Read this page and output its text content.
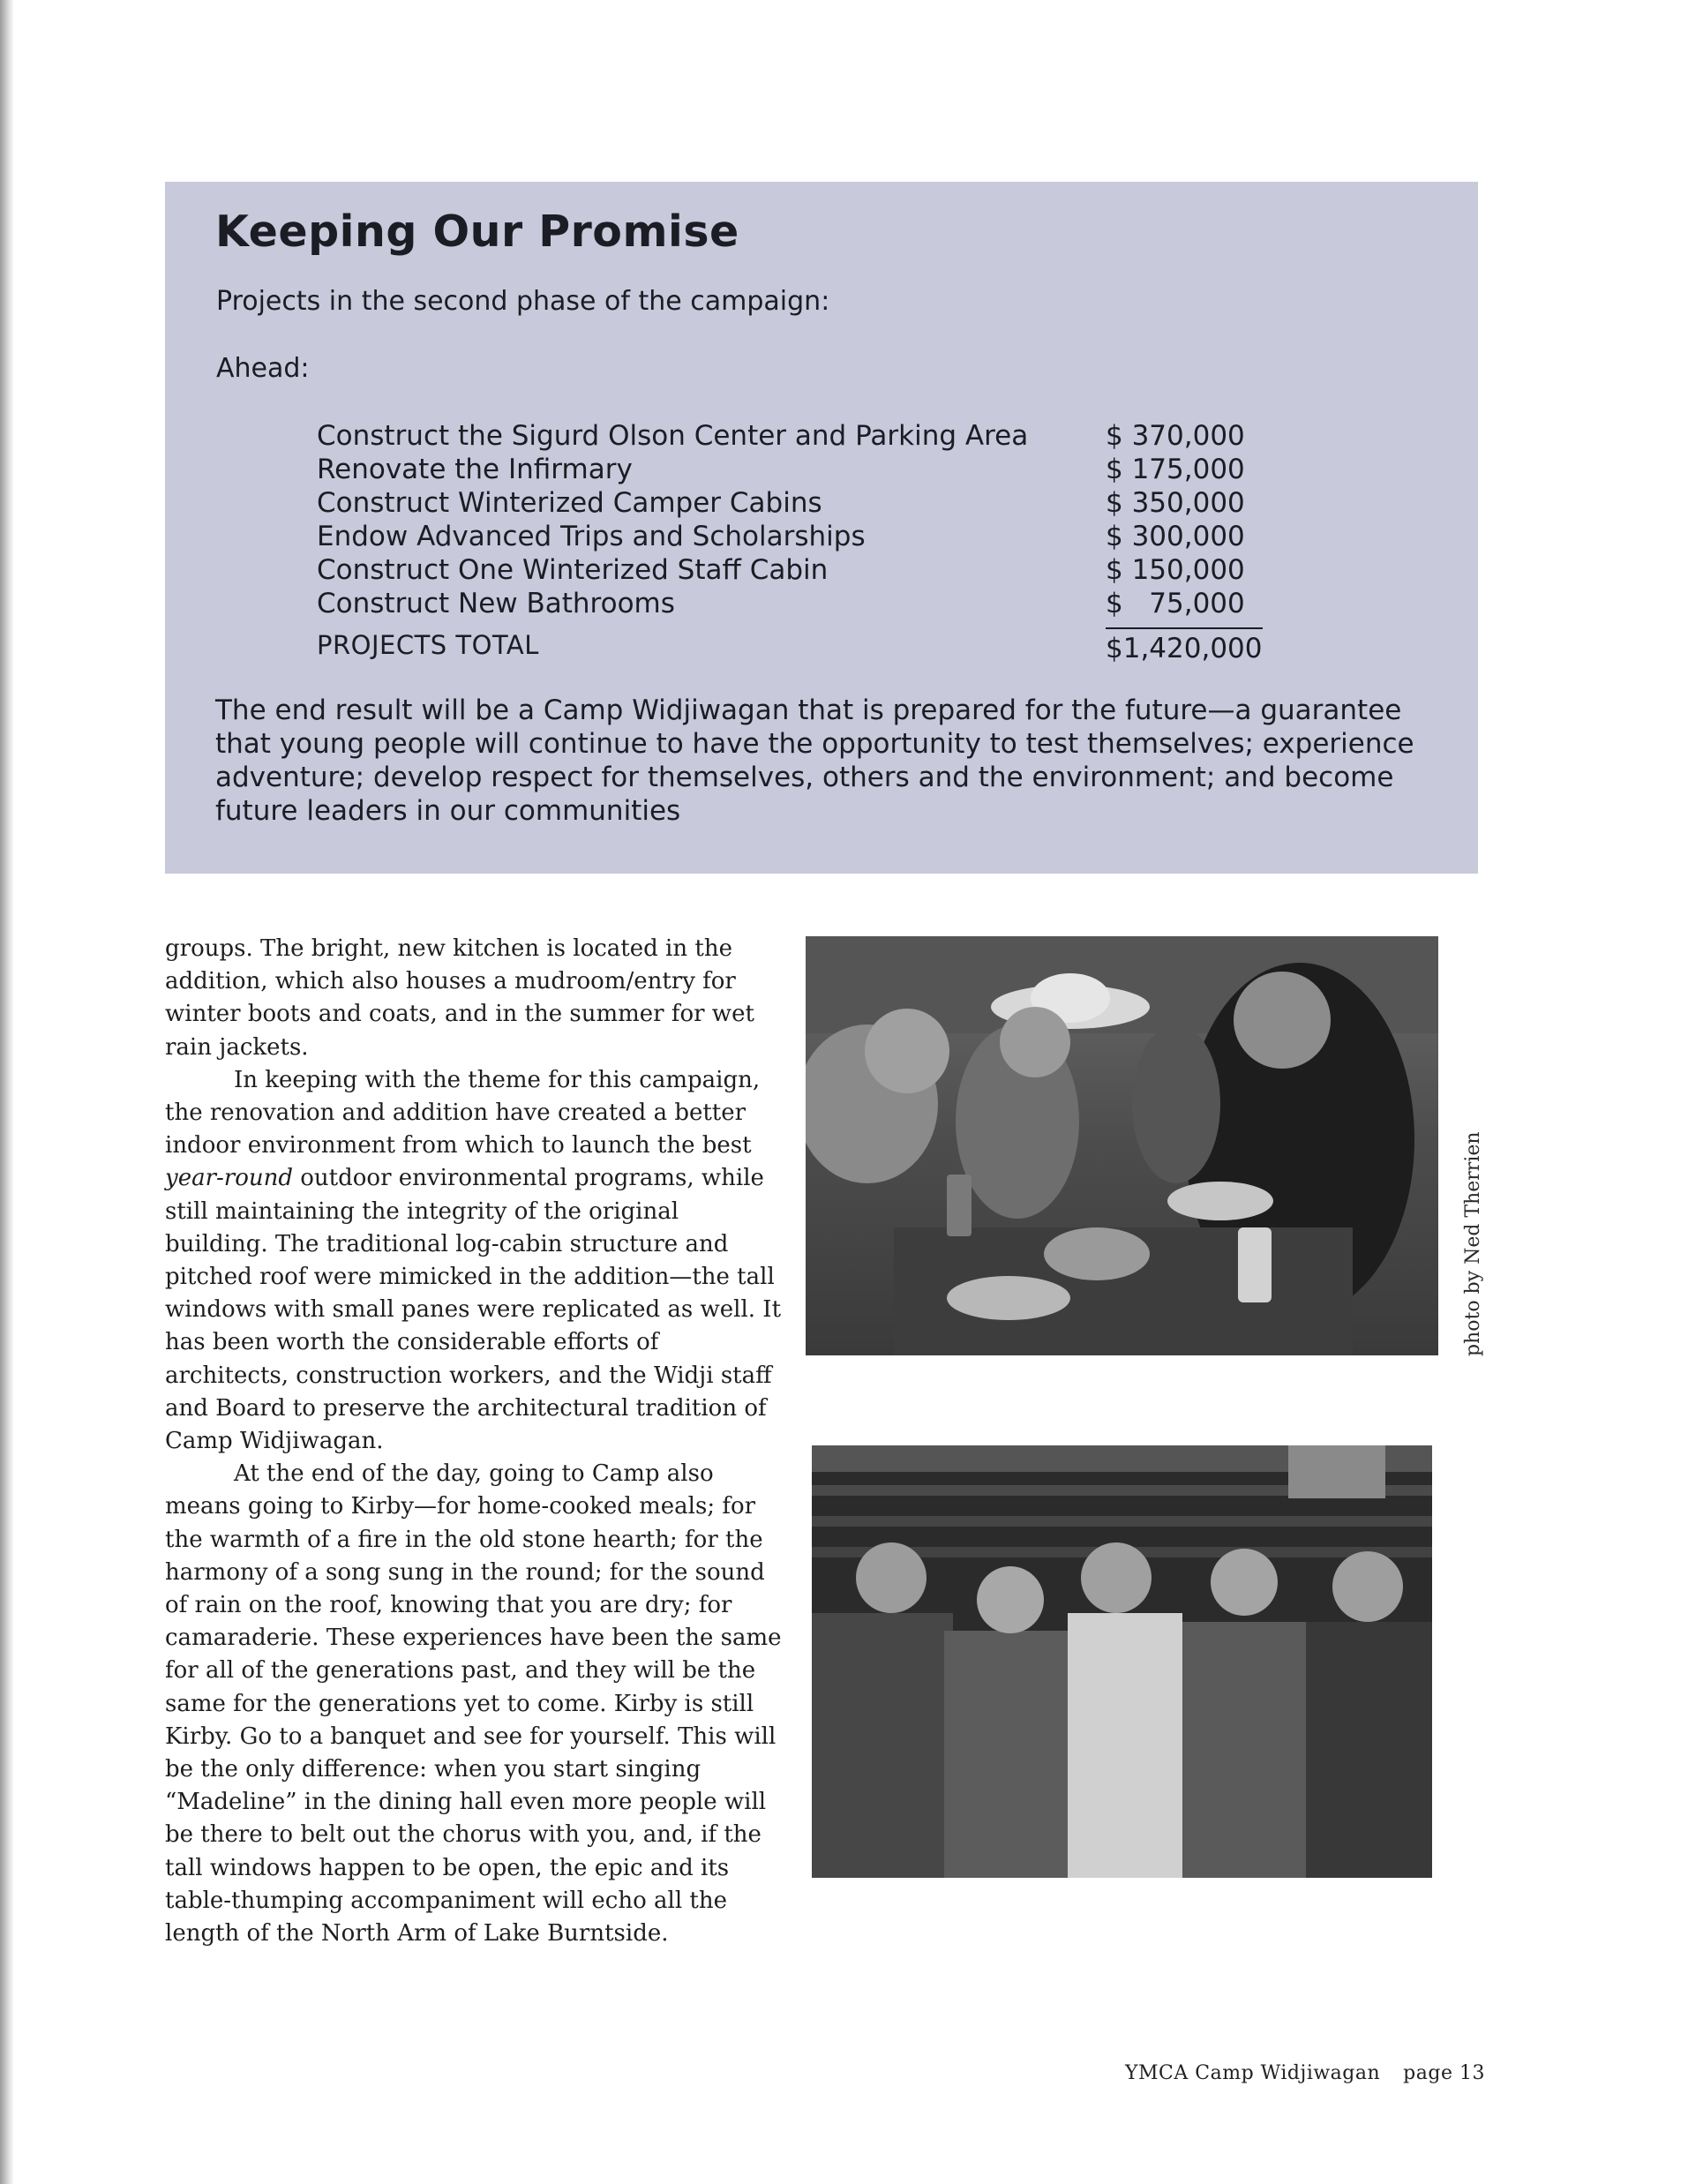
Keeping Our Promise

Projects in the second phase of the campaign:

Ahead:

Construct the Sigurd Olson Center and Parking Area	$ 370,000
Renovate the Infirmary	$ 175,000
Construct Winterized Camper Cabins	$ 350,000
Endow Advanced Trips and Scholarships	$ 300,000
Construct One Winterized Staff Cabin	$ 150,000
Construct New Bathrooms	$   75,000
PROJECTS TOTAL	$1,420,000

The end result will be a Camp Widjiwagan that is prepared for the future—a guarantee that young people will continue to have the opportunity to test themselves; experience adventure; develop respect for themselves, others and the environment; and become future leaders in our communities

groups. The bright, new kitchen is located in the addition, which also houses a mudroom/entry for winter boots and coats, and in the summer for wet rain jackets.

In keeping with the theme for this campaign, the renovation and addition have created a better indoor environment from which to launch the best year-round outdoor environmental programs, while still maintaining the integrity of the original building. The traditional log-cabin structure and pitched roof were mimicked in the addition—the tall windows with small panes were replicated as well. It has been worth the considerable efforts of architects, construction workers, and the Widji staff and Board to preserve the architectural tradition of Camp Widjiwagan.

At the end of the day, going to Camp also means going to Kirby—for home-cooked meals; for the warmth of a fire in the old stone hearth; for the harmony of a song sung in the round; for the sound of rain on the roof, knowing that you are dry; for camaraderie. These experiences have been the same for all of the generations past, and they will be the same for the generations yet to come. Kirby is still Kirby. Go to a banquet and see for yourself. This will be the only difference: when you start singing “Madeline” in the dining hall even more people will be there to belt out the chorus with you, and, if the tall windows happen to be open, the epic and its table-thumping accompaniment will echo all the length of the North Arm of Lake Burntside.

photo by Ned Therrien
YMCA Camp Widjiwagan page 13
